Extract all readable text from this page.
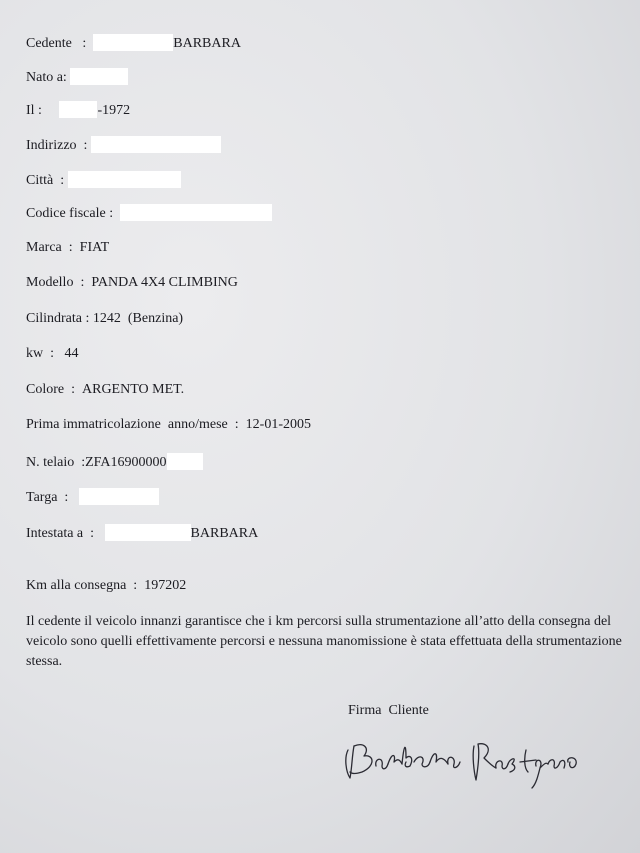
Cedente :	BARBARA
Nato a:
Il :	-1972
Indirizzo :
Città :
Codice fiscale :
Marca : FIAT
Modello : PANDA 4X4 CLIMBING
Cilindrata : 1242  (Benzina)
kw : 44
Colore : ARGENTO MET.
Prima immatricolazione  anno/mese : 12-01-2005
N. telaio :ZFA16900000
Targa :
Intestata a :	BARBARA
Km alla consegna : 197202
Il cedente il veicolo innanzi garantisce che i km percorsi sulla strumentazione all’atto della consegna del veicolo sono quelli effettivamente percorsi e nessuna manomissione è stata effettuata della strumentazione stessa.
Firma  Cliente
